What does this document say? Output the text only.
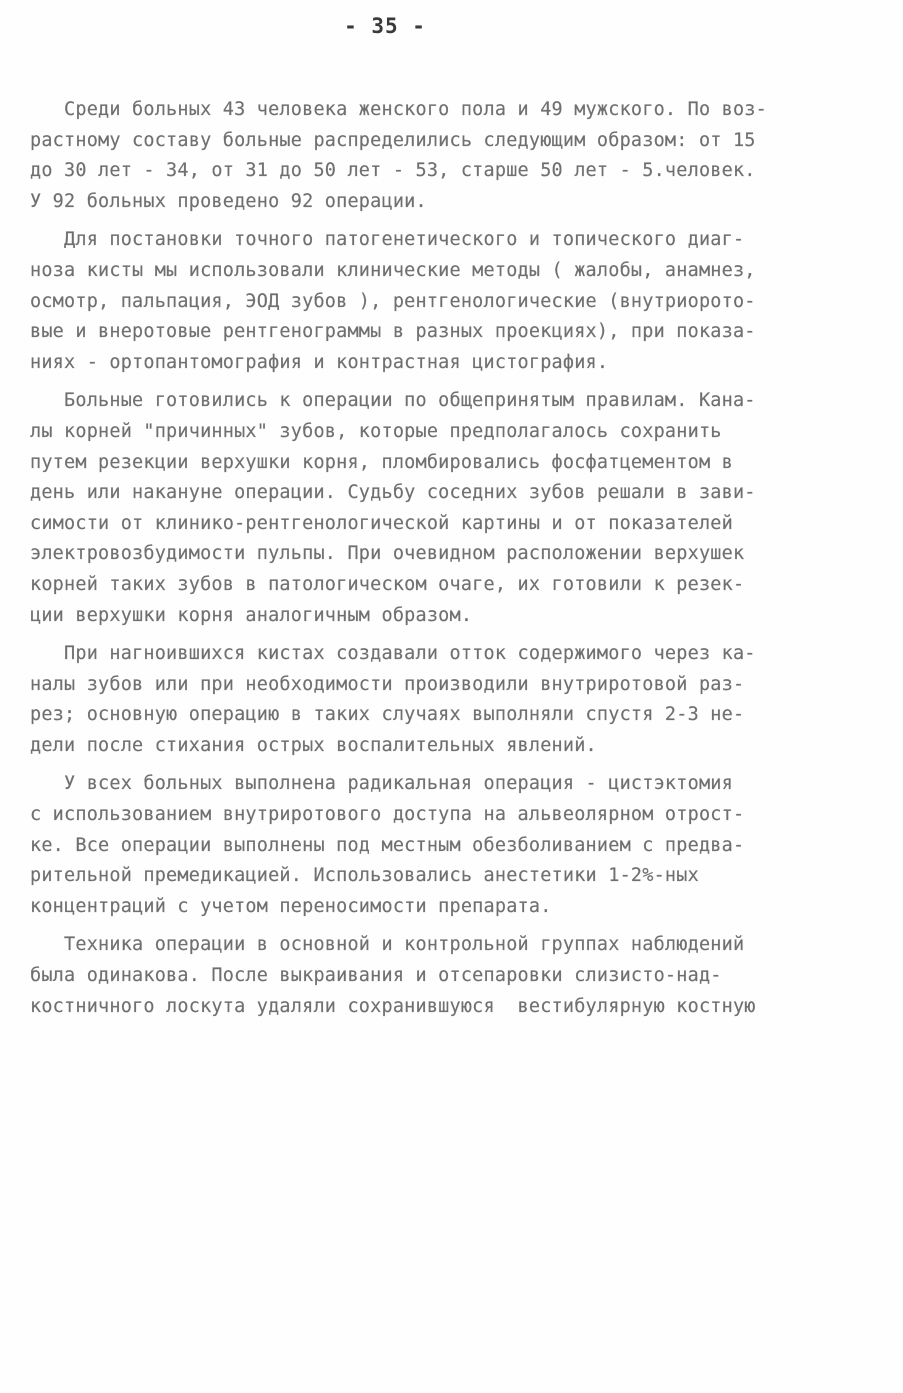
- 35 -
Среди больных 43 человека женского пола и 49 мужского. По воз-
растному составу больные распределились следующим образом: от 15
до 30 лет - 34, от 31 до 50 лет - 53, старше 50 лет - 5.человек.
У 92 больных проведено 92 операции.
Для постановки точного патогенетического и топического диаг-
ноза кисты мы использовали клинические методы ( жалобы, анамнез,
осмотр, пальпация, ЭОД зубов ), рентгенологические (внутриорото-
вые и внеротовые рентгенограммы в разных проекциях), при показа-
ниях - ортопантомография и контрастная цистография.
Больные готовились к операции по общепринятым правилам. Кана-
лы корней "причинных" зубов, которые предполагалось сохранить
путем резекции верхушки корня, пломбировались фосфатцементом в
день или накануне операции. Судьбу соседних зубов решали в зави-
симости от клинико-рентгенологической картины и от показателей
электровозбудимости пульпы. При очевидном расположении верхушек
корней таких зубов в патологическом очаге, их готовили к резек-
ции верхушки корня аналогичным образом.
При нагноившихся кистах создавали отток содержимого через ка-
налы зубов или при необходимости производили внутриротовой раз-
рез; основную операцию в таких случаях выполняли спустя 2-3 не-
дели после стихания острых воспалительных явлений.
У всех больных выполнена радикальная операция - цистэктомия
с использованием внутриротового доступа на альвеолярном отрост-
ке. Все операции выполнены под местным обезболиванием с предва-
рительной премедикацией. Использовались анестетики 1-2%-ных
концентраций с учетом переносимости препарата.
Техника операции в основной и контрольной группах наблюдений
была одинакова. После выкраивания и отсепаровки слизисто-над-
костничного лоскута удаляли сохранившуюся  вестибулярную костную
